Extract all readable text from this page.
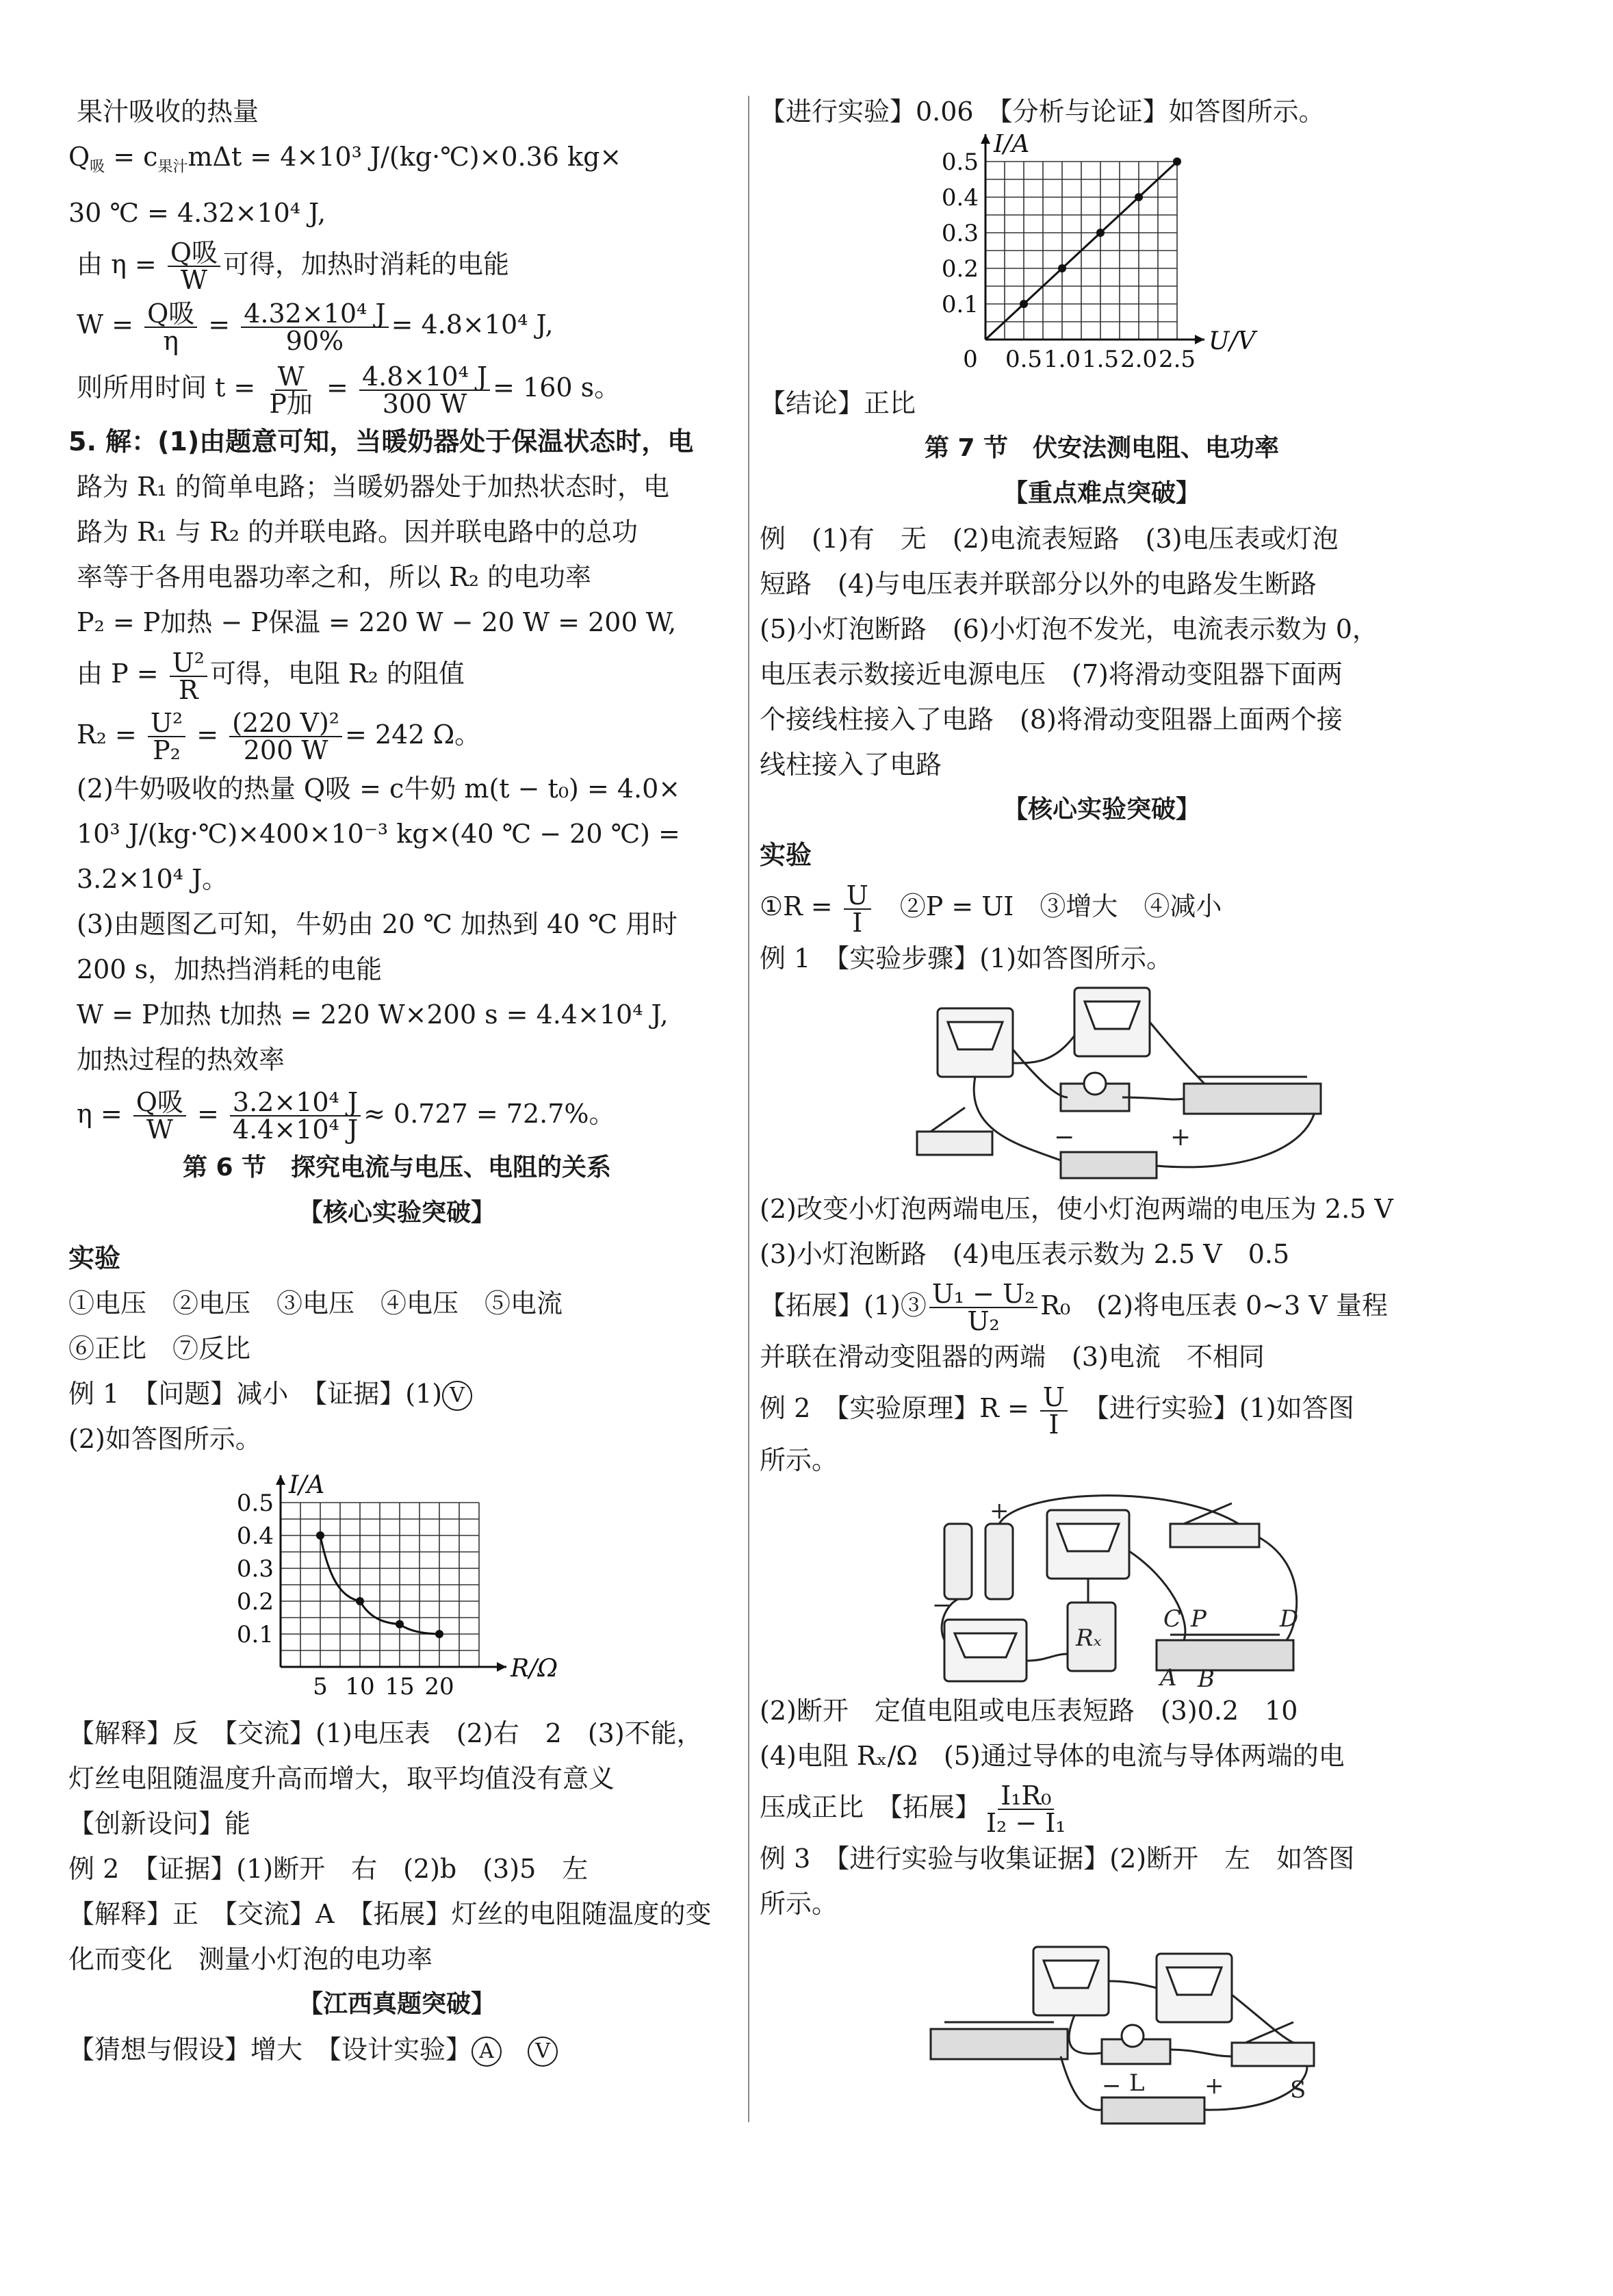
果汁吸收的热量
$Q_吸 = c_{果汁}m\Delta t = 4\times 10^3$ J/(kg·℃)×0.36 kg×
30 ℃ = 4.32×10⁴ J,
由 $\eta = \frac{\text{Q吸}}{W}$ 可得，加热时消耗的电能
$W = \frac{\text{Q吸}}{\eta} = \frac{\text{4.32×10⁴ J}}{90\%} = 4.8\times 10^4$ J,
则所用时间 $t = \frac{W}{\text{P加}} = \frac{\text{4.8×10⁴ J}}{300 W} = 160$ s。
5. 解：(1)由题意可知，当暖奶器处于保温状态时，电
路为 R₁ 的简单电路；当暖奶器处于加热状态时，电
路为 R₁ 与 R₂ 的并联电路。因并联电路中的总功
率等于各用电器功率之和，所以 R₂ 的电功率
P₂ = P加热 − P保温 = 220 W − 20 W = 200 W,
由 $P = \frac{\text{U²}}{R}$ 可得，电阻 R₂ 的阻值
$R_2 = \frac{\text{U²}}{\text{P₂}} = \frac{\text{(220 V)²}}{200 W} = 242$ Ω。
(2)牛奶吸收的热量 Q吸 = c牛奶 m(t − t₀) = 4.0×
10³ J/(kg·℃)×400×10⁻³ kg×(40 ℃ − 20 ℃) =
3.2×10⁴ J。
(3)由题图乙可知，牛奶由 20 ℃ 加热到 40 ℃ 用时
200 s，加热挡消耗的电能
W = P加热 t加热 = 220 W×200 s = 4.4×10⁴ J,
加热过程的热效率
$\eta = \frac{\text{Q吸}}{W} = \frac{\text{3.2×10⁴ J}}{\text{4.4×10⁴ J}} \approx 0.727 = 72.7\%$。
第 6 节　探究电流与电压、电阻的关系
【核心实验突破】
实验
①电压　②电压　③电压　④电压　⑤电流
⑥正比　⑦反比
例 1　【问题】减小　【证据】(1) V
(2)如答图所示。
0.1
0.2
0.3
0.4
0.5
5 10 15 20
I/A
R/Ω
【解释】反　【交流】(1)电压表　(2)右　2　(3)不能，
灯丝电阻随温度升高而增大，取平均值没有意义
【创新设问】能
例 2　【证据】(1)断开　右　(2)b　(3)5　左
【解释】正　【交流】A　【拓展】灯丝的电阻随温度的变
化而变化　测量小灯泡的电功率
【江西真题突破】
【猜想与假设】增大　【设计实验】 A　 V
【进行实验】0.06　【分析与论证】如答图所示。
0.1
0.2
0.3
0.4
0.5
0.5 1.0 1.5 2.0 2.5
0
I/A
U/V
【结论】正比
第 7 节　伏安法测电阻、电功率
【重点难点突破】
例　(1)有　无　(2)电流表短路　(3)电压表或灯泡
短路　(4)与电压表并联部分以外的电路发生断路
(5)小灯泡断路　(6)小灯泡不发光，电流表示数为 0，
电压表示数接近电源电压　(7)将滑动变阻器下面两
个接线柱接入了电路　(8)将滑动变阻器上面两个接
线柱接入了电路
【核心实验突破】
实验
①R = $\frac{U}{I}$ 　②P = UI　③增大　④减小
例 1　【实验步骤】(1)如答图所示。
−	+
(2)改变小灯泡两端电压，使小灯泡两端的电压为 2.5 V
(3)小灯泡断路　(4)电压表示数为 2.5 V　0.5
【拓展】(1)③ $\frac{\text{U₁ − U₂}}{\text{U₂}} R_0$　(2)将电压表 0~3 V 量程
并联在滑动变阻器的两端　(3)电流　不相同
例 2　【实验原理】$R = \frac{U}{I}$ 　【进行实验】(1)如答图
所示。
Rₓ
C P	D
A B
+
−
(2)断开　定值电阻或电压表短路　(3)0.2　10
(4)电阻 Rₓ/Ω　(5)通过导体的电流与导体两端的电
压成正比　【拓展】 $\frac{\text{I₁R₀}}{\text{I₂ − I₁}}$
例 3　【进行实验与收集证据】(2)断开　左　如答图
所示。
L	S
−	+
